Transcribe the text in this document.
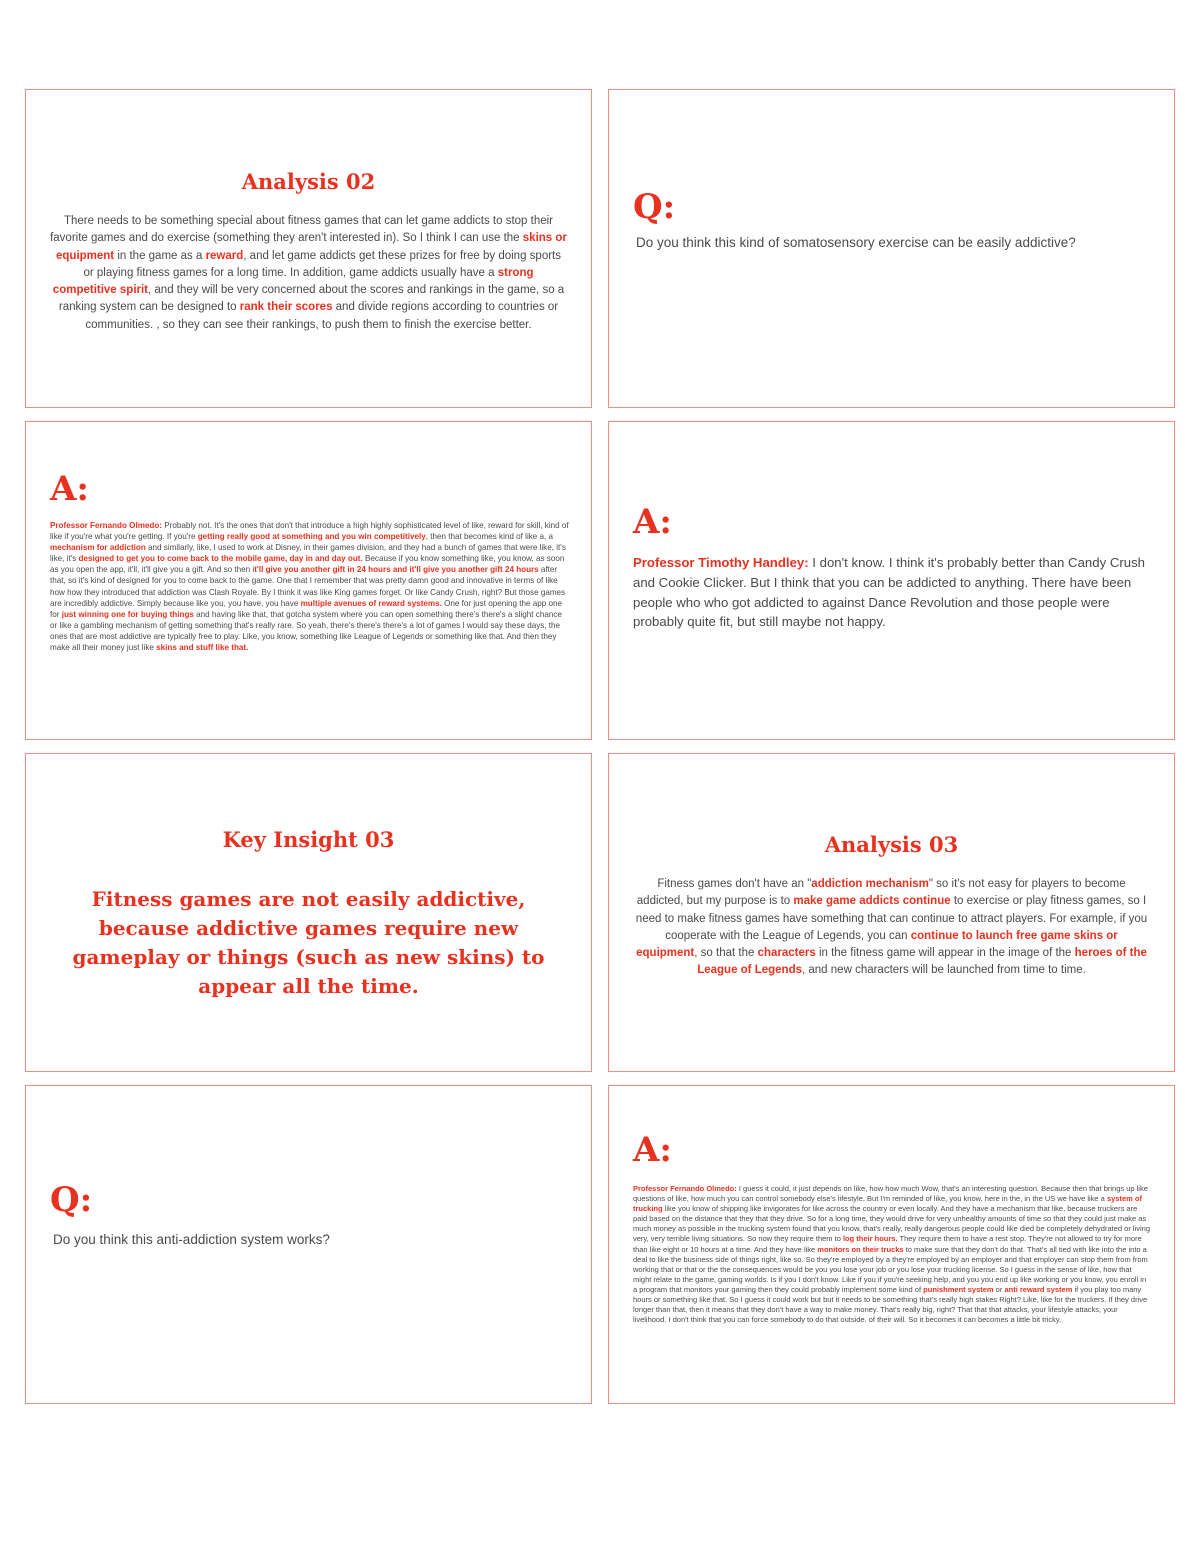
Analysis 02

There needs to be something special about fitness games that can let game addicts to stop their favorite games and do exercise (something they aren't interested in). So I think I can use the skins or equipment in the game as a reward, and let game addicts get these prizes for free by doing sports or playing fitness games for a long time. In addition, game addicts usually have a strong competitive spirit, and they will be very concerned about the scores and rankings in the game, so a ranking system can be designed to rank their scores and divide regions according to countries or communities. , so they can see their rankings, to push them to finish the exercise better.

Q:

Do you think this kind of somatosensory exercise can be easily addictive?

A:

Professor Fernando Olmedo: Probably not. It's the ones that don't that introduce a high highly sophisticated level of like, reward for skill, kind of like if you're what you're getting. If you're getting really good at something and you win competitively, then that becomes kind of like a, a mechanism for addiction and similarly, like, I used to work at Disney, in their games division, and they had a bunch of games that were like, it's like, it's designed to get you to come back to the mobile game, day in and day out. Because if you know something like, you know, as soon as you open the app, it'll, it'll give you a gift. And so then it'll give you another gift in 24 hours and it'll give you another gift 24 hours after that, so it's kind of designed for you to come back to the game. One that I remember that was pretty damn good and innovative in terms of like how how they introduced that addiction was Clash Royale. By I think it was like King games forget. Or like Candy Crush, right? But those games are incredibly addictive. Simply because like you, you have, you have multiple avenues of reward systems. One for just opening the app one for just winning one for buying things and having like that, that gotcha system where you can open something there's there's a slight chance or like a gambling mechanism of getting something that's really rare. So yeah, there's there's there's a lot of games I would say these days, the ones that are most addictive are typically free to play. Like, you know, something like League of Legends or something like that. And then they make all their money just like skins and stuff like that.

A:

Professor Timothy Handley: I don't know. I think it's probably better than Candy Crush and Cookie Clicker. But I think that you can be addicted to anything. There have been people who who got addicted to against Dance Revolution and those people were probably quite fit, but still maybe not happy.

Key Insight 03

Fitness games are not easily addictive, because addictive games require new gameplay or things (such as new skins) to appear all the time.

Analysis 03

Fitness games don't have an "addiction mechanism" so it's not easy for players to become addicted, but my purpose is to make game addicts continue to exercise or play fitness games, so I need to make fitness games have something that can continue to attract players. For example, if you cooperate with the League of Legends, you can continue to launch free game skins or equipment, so that the characters in the fitness game will appear in the image of the heroes of the League of Legends, and new characters will be launched from time to time.

Q:

Do you think this anti-addiction system works?

A:

Professor Fernando Olmedo: I guess it could, it just depends on like, how how much Wow, that's an interesting question. Because then that brings up like questions of like, how much you can control somebody else's lifestyle. But I'm reminded of like, you know, here in the, in the US we have like a system of trucking like you know of shipping like invigorates for like across the country or even locally. And they have a mechanism that like, because truckers are paid based on the distance that they that they drive. So for a long time, they would drive for very unhealthy amounts of time so that they could just make as much money as possible in the trucking system found that you know, that's really, really dangerous people could like died be completely dehydrated or living very, very terrible living situations. So now they require them to log their hours. They require them to have a rest stop. They're not allowed to try for more than like eight or 10 hours at a time. And they have like monitors on their trucks to make sure that they don't do that. That's all tied with like into the into a deal to like the business side of things right, like so. So they're employed by a they're employed by an employer and that employer can stop them from from working that or that or the the consequences would be you you lose your job or you lose your trucking license. So I guess in the sense of like, how that might relate to the game, gaming worlds. Is if you I don't know. Like if you if you're seeking help, and you you end up like working or you know, you enroll in a program that monitors your gaming then they could probably implement some kind of punishment system or anti reward system if you play too many hours or something like that. So I guess it could work but but it needs to be something that's really high stakes Right? Like, like for the truckers. If they drive longer than that, then it means that they don't have a way to make money. That's really big, right? That that that attacks, your lifestyle attacks, your livelihood. I don't think that you can force somebody to do that outside. of their will. So it becomes it can becomes a little bit tricky.
